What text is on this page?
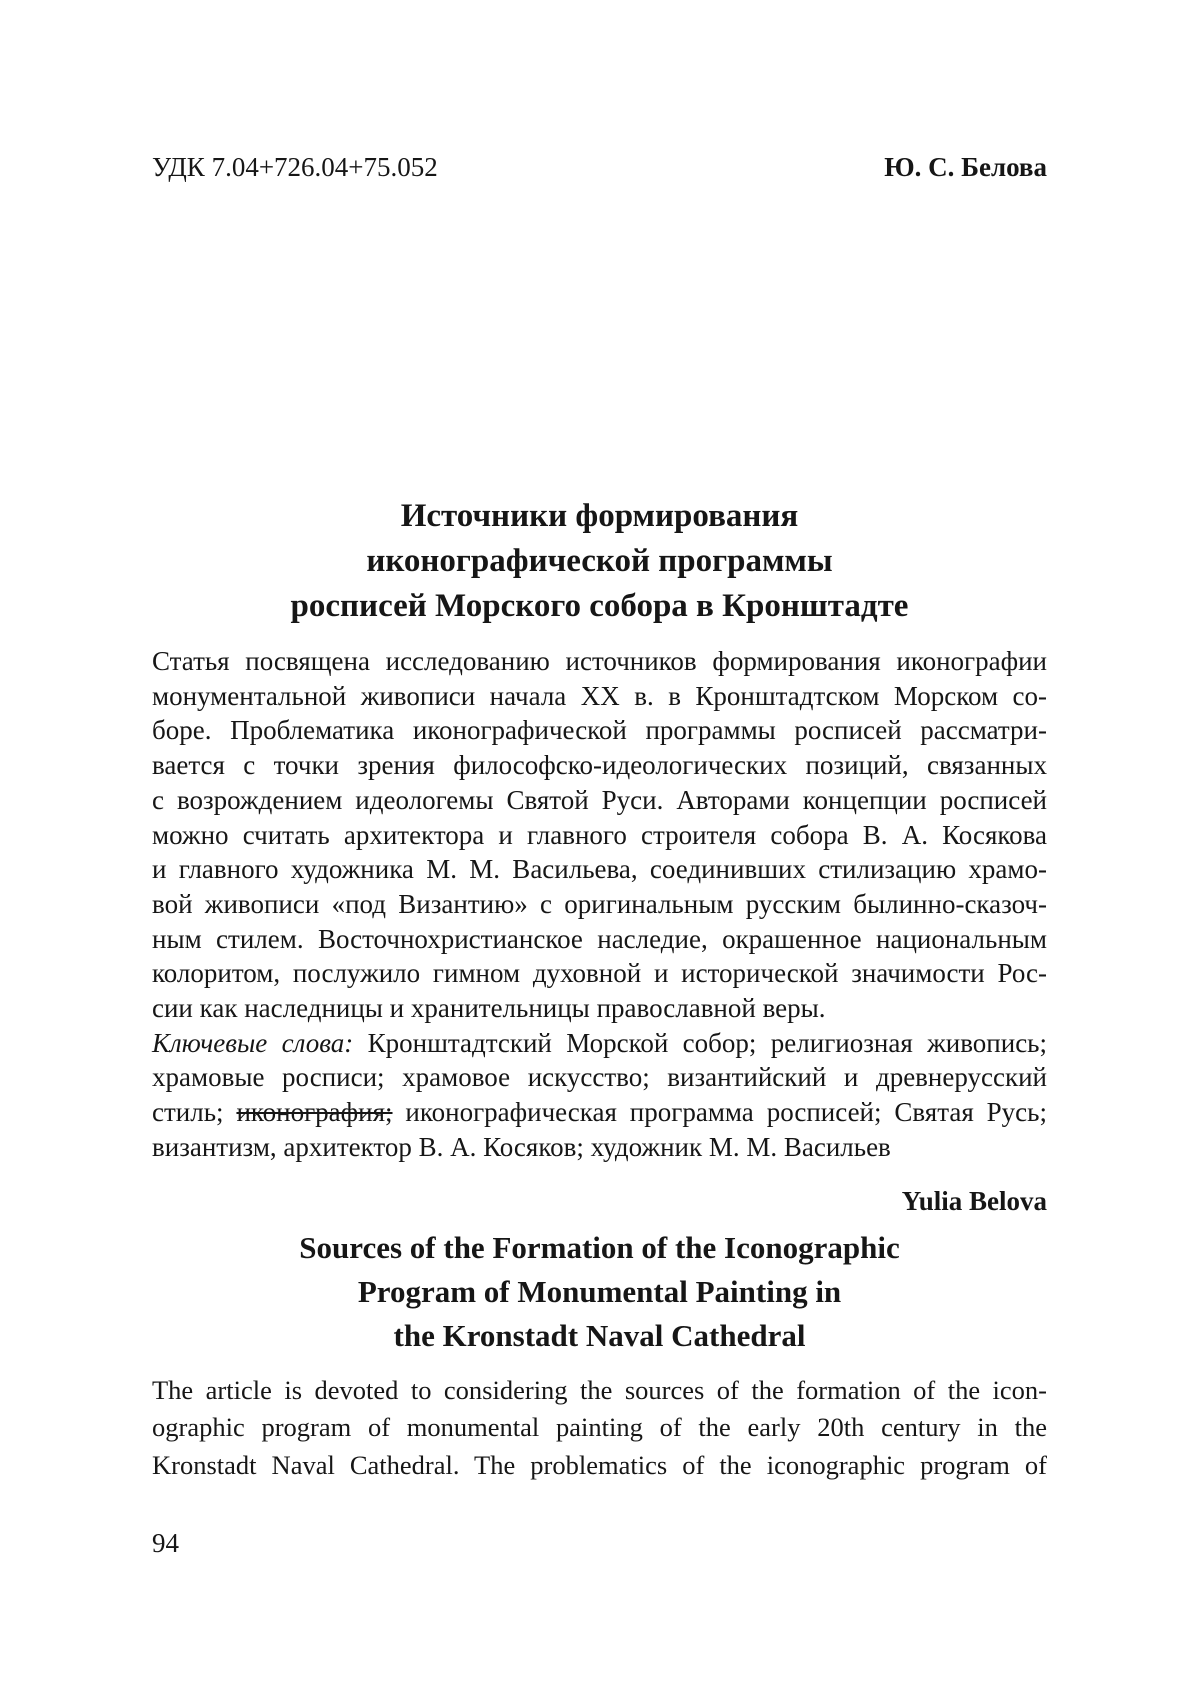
УДК 7.04+726.04+75.052	Ю. С. Белова
Источники формирования
иконографической программы
росписей Морского собора в Кронштадте
Статья посвящена исследованию источников формирования иконографии
монументальной живописи начала XX в. в Кронштадтском Морском со-
боре. Проблематика иконографической программы росписей рассматри-
вается с точки зрения философско-идеологических позиций, связанных
с возрождением идеологемы Святой Руси. Авторами концепции росписей
можно считать архитектора и главного строителя собора В. А. Косякова
и главного художника М. М. Васильева, соединивших стилизацию храмо-
вой живописи «под Византию» с оригинальным русским былинно-сказоч-
ным стилем. Восточнохристианское наследие, окрашенное национальным
колоритом, послужило гимном духовной и исторической значимости Рос-
сии как наследницы и хранительницы православной веры.
Ключевые слова: Кронштадтский Морской собор; религиозная живопись;
храмовые росписи; храмовое искусство; византийский и древнерусский
стиль; иконография; иконографическая программа росписей; Святая Русь;
византизм, архитектор В. А. Косяков; художник М. М. Васильев
Yulia Belova
Sources of the Formation of the Iconographic
Program of Monumental Painting in
the Kronstadt Naval Cathedral
The article is devoted to considering the sources of the formation of the icon-
ographic program of monumental painting of the early 20th century in the
Kronstadt Naval Cathedral. The problematics of the iconographic program of
94
